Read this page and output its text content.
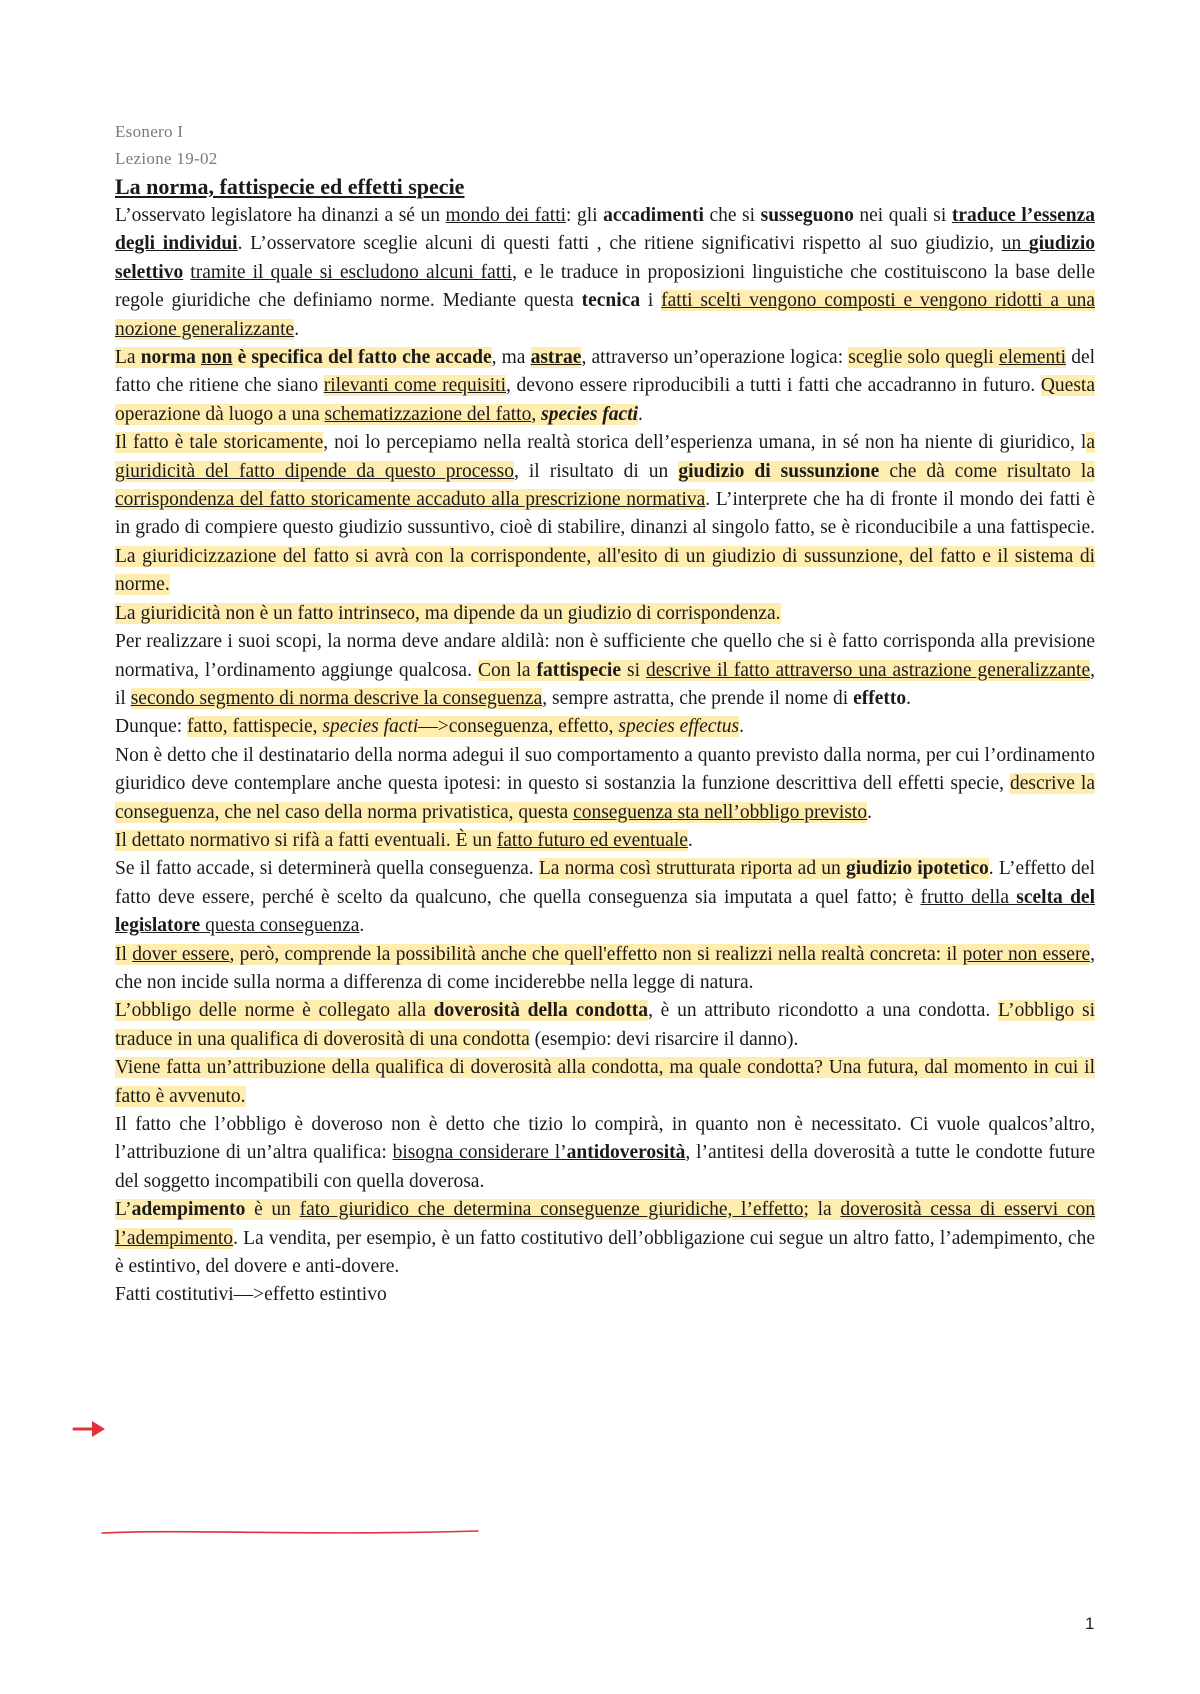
Esonero I
Lezione 19-02
La norma, fattispecie ed effetti specie

L’osservato legislatore ha dinanzi a sé un mondo dei fatti: gli accadimenti che si susseguono nei quali si traduce l’essenza degli individui. L’osservatore sceglie alcuni di questi fatti , che ritiene significativi rispetto al suo giudizio, un giudizio selettivo tramite il quale si escludono alcuni fatti, e le traduce in proposizioni linguistiche che costituiscono la base delle regole giuridiche che definiamo norme. Mediante questa tecnica i fatti scelti vengono composti e vengono ridotti a una nozione generalizzante.

La norma non è specifica del fatto che accade, ma astrae, attraverso un’operazione logica: sceglie solo quegli elementi del fatto che ritiene che siano rilevanti come requisiti, devono essere riproducibili a tutti i fatti che accadranno in futuro. Questa operazione dà luogo a una schematizzazione del fatto, species facti.

Il fatto è tale storicamente, noi lo percepiamo nella realtà storica dell’esperienza umana, in sé non ha niente di giuridico, la giuridicità del fatto dipende da questo processo, il risultato di un giudizio di sussunzione che dà come risultato la corrispondenza del fatto storicamente accaduto alla prescrizione normativa. L’interprete che ha di fronte il mondo dei fatti è in grado di compiere questo giudizio sussuntivo, cioè di stabilire, dinanzi al singolo fatto, se è riconducibile a una fattispecie. La giuridicizzazione del fatto si avrà con la corrispondente, all'esito di un giudizio di sussunzione, del fatto e il sistema di norme.

La giuridicità non è un fatto intrinseco, ma dipende da un giudizio di corrispondenza.

Per realizzare i suoi scopi, la norma deve andare aldilà: non è sufficiente che quello che si è fatto corrisponda alla previsione normativa, l’ordinamento aggiunge qualcosa. Con la fattispecie si descrive il fatto attraverso una astrazione generalizzante, il secondo segmento di norma descrive la conseguenza, sempre astratta, che prende il nome di effetto.

Dunque: fatto, fattispecie, species facti—>conseguenza, effetto, species effectus.

Non è detto che il destinatario della norma adegui il suo comportamento a quanto previsto dalla norma, per cui l’ordinamento giuridico deve contemplare anche questa ipotesi: in questo si sostanzia la funzione descrittiva dell effetti specie, descrive la conseguenza, che nel caso della norma privatistica, questa conseguenza sta nell’obbligo previsto.

Il dettato normativo si rifà a fatti eventuali. È un fatto futuro ed eventuale.

Se il fatto accade, si determinerà quella conseguenza. La norma così strutturata riporta ad un giudizio ipotetico. L’effetto del fatto deve essere, perché è scelto da qualcuno, che quella conseguenza sia imputata a quel fatto; è frutto della scelta del legislatore questa conseguenza.

Il dover essere, però, comprende la possibilità anche che quell'effetto non si realizzi nella realtà concreta: il poter non essere, che non incide sulla norma a differenza di come inciderebbe nella legge di natura.

L’obbligo delle norme è collegato alla doverosità della condotta, è un attributo ricondotto a una condotta. L’obbligo si traduce in una qualifica di doverosità di una condotta (esempio: devi risarcire il danno).

Viene fatta un’attribuzione della qualifica di doverosità alla condotta, ma quale condotta? Una futura, dal momento in cui il fatto è avvenuto.

Il fatto che l’obbligo è doveroso non è detto che tizio lo compirà, in quanto non è necessitato. Ci vuole qualcos’altro, l’attribuzione di un’altra qualifica: bisogna considerare l’antidoverosità, l’antitesi della doverosità a tutte le condotte future del soggetto incompatibili con quella doverosa.

L’adempimento è un fato giuridico che determina conseguenze giuridiche, l’effetto; la doverosità cessa di esservi con l’adempimento. La vendita, per esempio, è un fatto costitutivo dell’obbligazione cui segue un altro fatto, l’adempimento, che è estintivo, del dovere e anti-dovere.

Fatti costitutivi—>effetto estintivo

1
